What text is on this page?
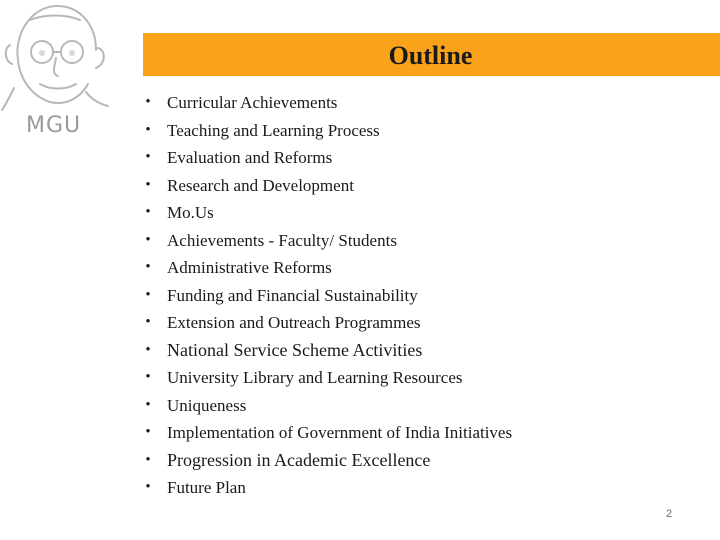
MGU
Outline
• Curricular Achievements
• Teaching and Learning Process
• Evaluation and Reforms
• Research and Development
• Mo.Us
• Achievements - Faculty/ Students
• Administrative Reforms
• Funding and Financial Sustainability
• Extension and Outreach Programmes
• National Service Scheme Activities
• University Library and Learning Resources
• Uniqueness
• Implementation of Government of India Initiatives
• Progression in Academic Excellence
• Future Plan
2
